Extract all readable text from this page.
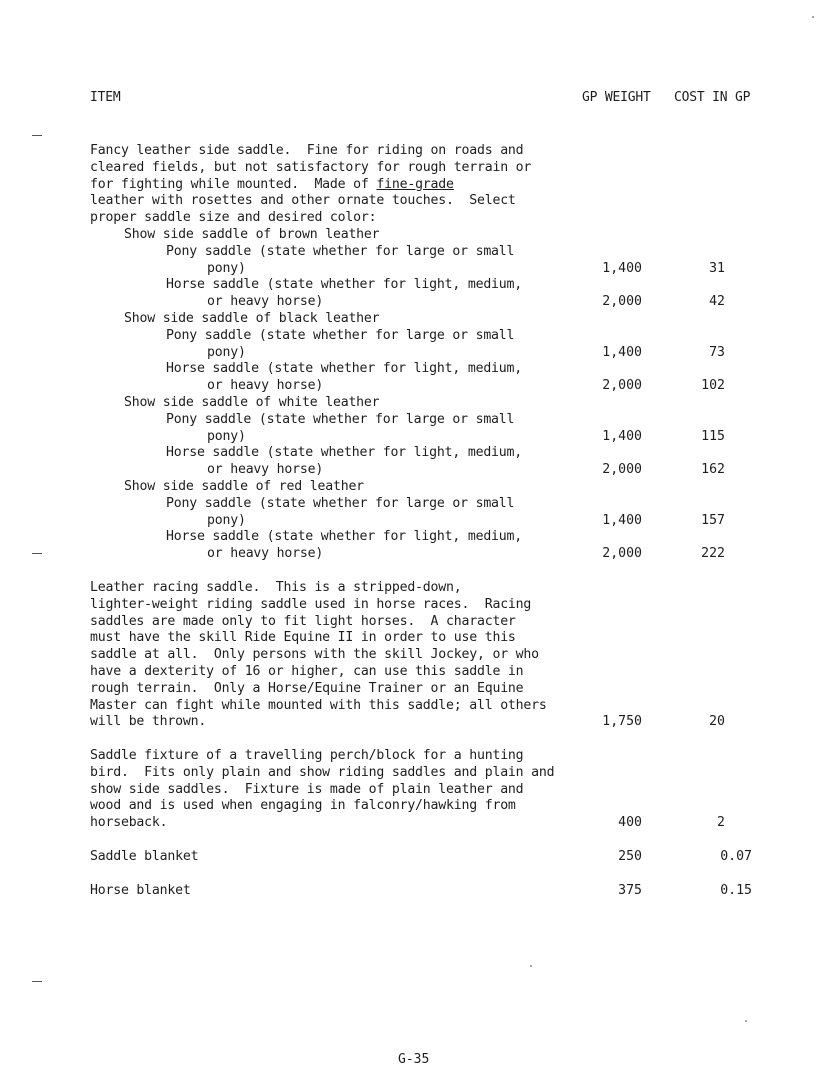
ITEM	GP WEIGHT COST IN GP
Fancy leather side saddle.  Fine for riding on roads and
cleared fields, but not satisfactory for rough terrain or
for fighting while mounted.  Made of fine-grade
leather with rosettes and other ornate touches.  Select
proper saddle size and desired color:
Show side saddle of brown leather
Pony saddle (state whether for large or small
pony)	1,400	31
Horse saddle (state whether for light, medium,
or heavy horse)	2,000	42
Show side saddle of black leather
Pony saddle (state whether for large or small
pony)	1,400	73
Horse saddle (state whether for light, medium,
or heavy horse)	2,000	102
Show side saddle of white leather
Pony saddle (state whether for large or small
pony)	1,400	115
Horse saddle (state whether for light, medium,
or heavy horse)	2,000	162
Show side saddle of red leather
Pony saddle (state whether for large or small
pony)	1,400	157
Horse saddle (state whether for light, medium,
or heavy horse)	2,000	222
Leather racing saddle.  This is a stripped-down,
lighter-weight riding saddle used in horse races.  Racing
saddles are made only to fit light horses.  A character
must have the skill Ride Equine II in order to use this
saddle at all.  Only persons with the skill Jockey, or who
have a dexterity of 16 or higher, can use this saddle in
rough terrain.  Only a Horse/Equine Trainer or an Equine
Master can fight while mounted with this saddle; all others
will be thrown.	1,750	20
Saddle fixture of a travelling perch/block for a hunting
bird.  Fits only plain and show riding saddles and plain and
show side saddles.  Fixture is made of plain leather and
wood and is used when engaging in falconry/hawking from
horseback.	400	2
Saddle blanket	250	0.07
Horse blanket	375	0.15
G-35
